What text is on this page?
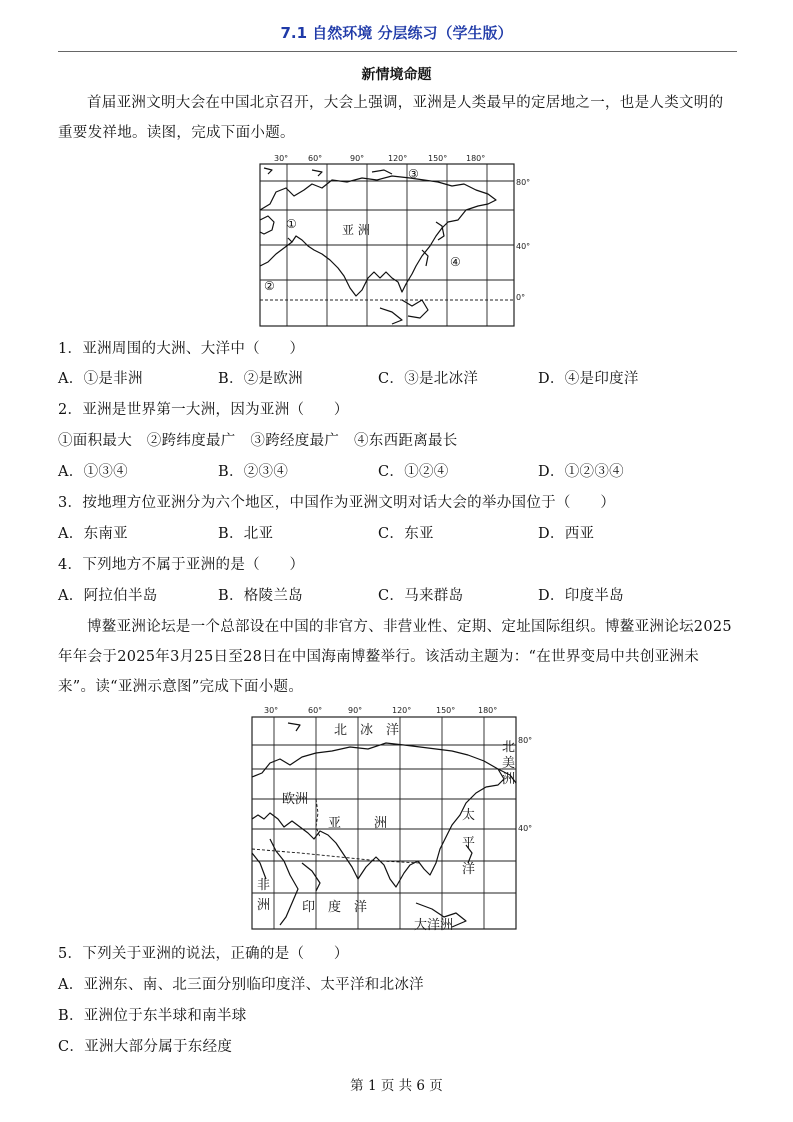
7.1 自然环境 分层练习（学生版）
新情境命题
首届亚洲文明大会在中国北京召开，大会上强调，亚洲是人类最早的定居地之一，也是人类文明的重要发祥地。读图，完成下面小题。
30° 60°	90°	120°	150° 180°
80°
40°
0°
①
②
③
④
亚 洲
1．亚洲周围的大洲、大洋中（　　）
A．①是非洲	B．②是欧洲	C．③是北冰洋	D．④是印度洋
2．亚洲是世界第一大洲，因为亚洲（　　）
①面积最大　②跨纬度最广　③跨经度最广　④东西距离最长
A．①③④	B．②③④	C．①②④	D．①②③④
3．按地理方位亚洲分为六个地区，中国作为亚洲文明对话大会的举办国位于（　　）
A．东南亚	B．北亚	C．东亚	D．西亚
4．下列地方不属于亚洲的是（　　）
A．阿拉伯半岛	B．格陵兰岛	C．马来群岛	D．印度半岛
博鳌亚洲论坛是一个总部设在中国的非官方、非营业性、定期、定址国际组织。博鳌亚洲论坛2025年年会于2025年3月25日至28日在中国海南博鳌举行。该活动主题为：“在世界变局中共创亚洲未来”。读“亚洲示意图”完成下面小题。
30°	60°	90°	120°	150°	180°
80°
40°
北　冰　洋
欧洲
亚	洲
太
平
洋
北
美
洲
非
洲 印　度　洋
大洋洲
5．下列关于亚洲的说法，正确的是（　　）
A．亚洲东、南、北三面分别临印度洋、太平洋和北冰洋
B．亚洲位于东半球和南半球
C．亚洲大部分属于东经度
第 1 页 共 6 页
